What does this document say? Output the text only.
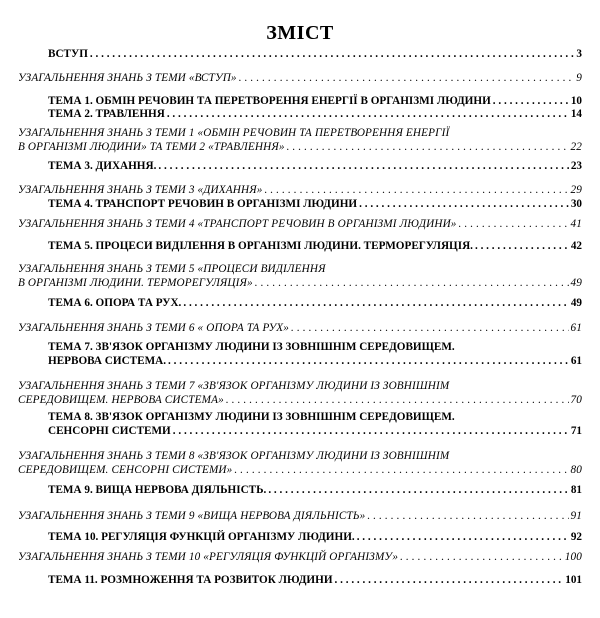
ЗМІСТ
ВСТУП . . .	3
УЗАГАЛЬНЕННЯ ЗНАНЬ З ТЕМИ «ВСТУП» . . .	9
ТЕМА 1. ОБМІН РЕЧОВИН ТА ПЕРЕТВОРЕННЯ ЕНЕРГІЇ В ОРГАНІЗМІ ЛЮДИНИ . . .	10
ТЕМА 2. ТРАВЛЕННЯ . . .	14
УЗАГАЛЬНЕННЯ ЗНАНЬ З ТЕМИ 1 «ОБМІН РЕЧОВИН ТА ПЕРЕТВОРЕННЯ ЕНЕРГІЇ
В ОРГАНІЗМІ ЛЮДИНИ» ТА ТЕМИ 2 «ТРАВЛЕННЯ» . . .	22
ТЕМА 3. ДИХАННЯ. . . .	23
УЗАГАЛЬНЕННЯ ЗНАНЬ З ТЕМИ 3 «ДИХАННЯ» . . .	29
ТЕМА 4. ТРАНСПОРТ РЕЧОВИН В ОРГАНІЗМІ ЛЮДИНИ . . .	30
УЗАГАЛЬНЕННЯ ЗНАНЬ З ТЕМИ 4 «ТРАНСПОРТ РЕЧОВИН В ОРГАНІЗМІ ЛЮДИНИ» . . .	41
ТЕМА 5. ПРОЦЕСИ ВИДІЛЕННЯ В ОРГАНІЗМІ ЛЮДИНИ. ТЕРМОРЕГУЛЯЦІЯ. . . .	42
УЗАГАЛЬНЕННЯ ЗНАНЬ З ТЕМИ 5 «ПРОЦЕСИ ВИДІЛЕННЯ
В ОРГАНІЗМІ ЛЮДИНИ. ТЕРМОРЕГУЛЯЦІЯ» . . .	49
ТЕМА 6. ОПОРА ТА РУХ. . . .	49
УЗАГАЛЬНЕННЯ ЗНАНЬ З ТЕМИ 6 « ОПОРА ТА РУХ» . . .	61
ТЕМА 7. ЗВ'ЯЗОК ОРГАНІЗМУ ЛЮДИНИ ІЗ ЗОВНІШНІМ СЕРЕДОВИЩЕМ.
НЕРВОВА СИСТЕМА. . . .	61
УЗАГАЛЬНЕННЯ ЗНАНЬ З ТЕМИ 7 «ЗВ'ЯЗОК ОРГАНІЗМУ ЛЮДИНИ ІЗ ЗОВНІШНІМ
СЕРЕДОВИЩЕМ. НЕРВОВА СИСТЕМА» . . .	70
ТЕМА 8. ЗВ'ЯЗОК ОРГАНІЗМУ ЛЮДИНИ ІЗ ЗОВНІШНІМ СЕРЕДОВИЩЕМ.
СЕНСОРНІ СИСТЕМИ . . .	71
УЗАГАЛЬНЕННЯ ЗНАНЬ З ТЕМИ 8 «ЗВ'ЯЗОК ОРГАНІЗМУ ЛЮДИНИ ІЗ ЗОВНІШНІМ
СЕРЕДОВИЩЕМ. СЕНСОРНІ СИСТЕМИ» . . .	80
ТЕМА 9. ВИЩА НЕРВОВА ДІЯЛЬНІСТЬ. . . .	81
УЗАГАЛЬНЕННЯ ЗНАНЬ З ТЕМИ 9 «ВИЩА НЕРВОВА ДІЯЛЬНІСТЬ» . . .	91
ТЕМА 10. РЕГУЛЯЦІЯ ФУНКЦІЙ ОРГАНІЗМУ ЛЮДИНИ. . . .	92
УЗАГАЛЬНЕННЯ ЗНАНЬ З ТЕМИ 10 «РЕГУЛЯЦІЯ ФУНКЦІЙ ОРГАНІЗМУ» . . .	100
ТЕМА 11. РОЗМНОЖЕННЯ ТА РОЗВИТОК ЛЮДИНИ . . .	101
